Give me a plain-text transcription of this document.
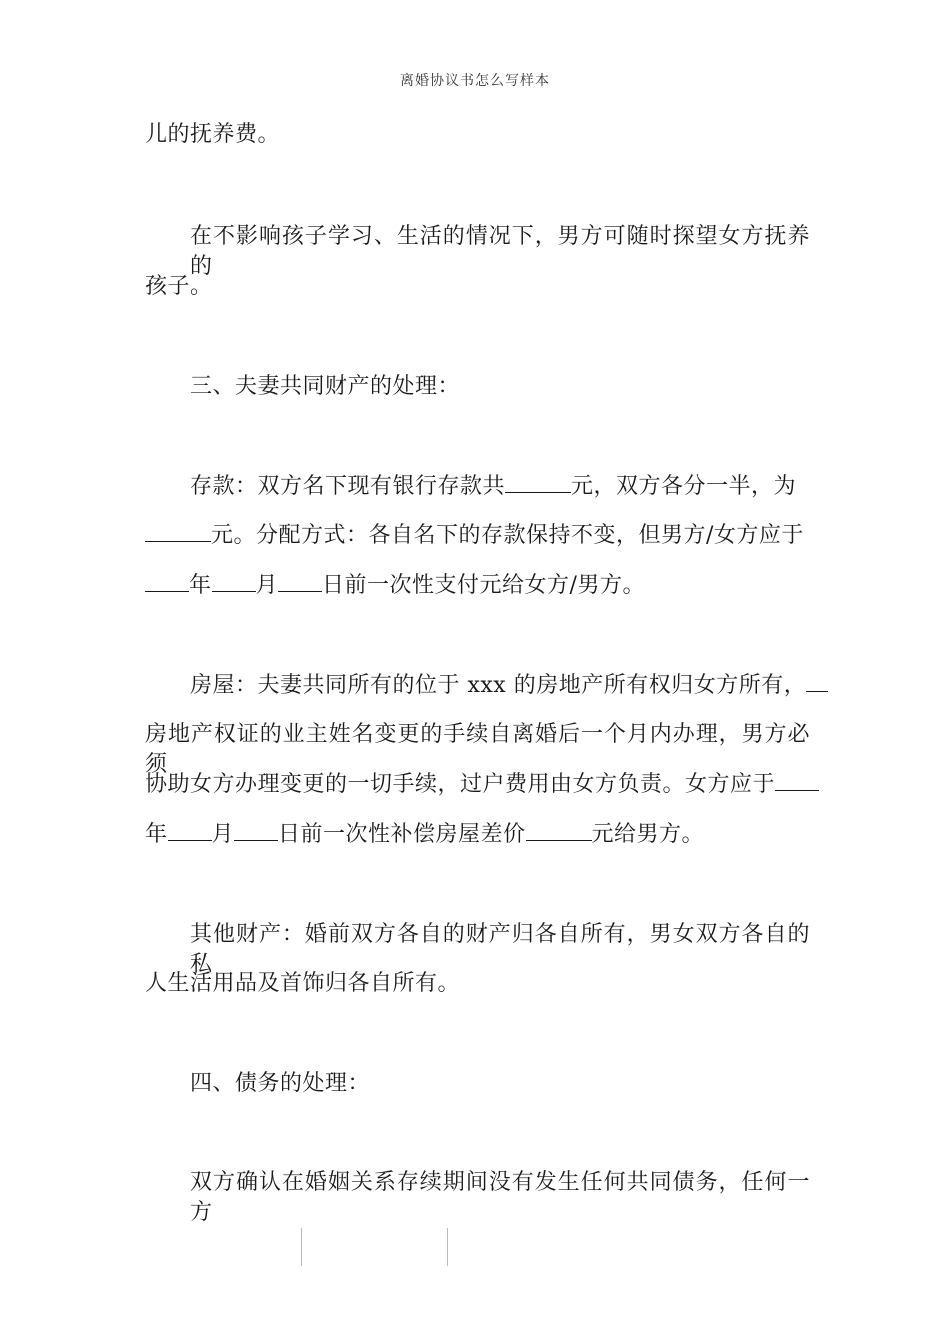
离婚协议书怎么写样本
儿的抚养费。
在不影响孩子学习、生活的情况下，男方可随时探望女方抚养的
孩子。
三、夫妻共同财产的处理：
存款：双方名下现有银行存款共	元，双方各分一半，为
元。分配方式：各自名下的存款保持不变，但男方/女方应于
年 月 日前一次性支付元给女方/男方。
房屋：夫妻共同所有的位于 xxx 的房地产所有权归女方所有，
房地产权证的业主姓名变更的手续自离婚后一个月内办理，男方必须
协助女方办理变更的一切手续，过户费用由女方负责。女方应于
年 月 日前一次性补偿房屋差价	元给男方。
其他财产：婚前双方各自的财产归各自所有，男女双方各自的私
人生活用品及首饰归各自所有。
四、债务的处理：
双方确认在婚姻关系存续期间没有发生任何共同债务，任何一方
